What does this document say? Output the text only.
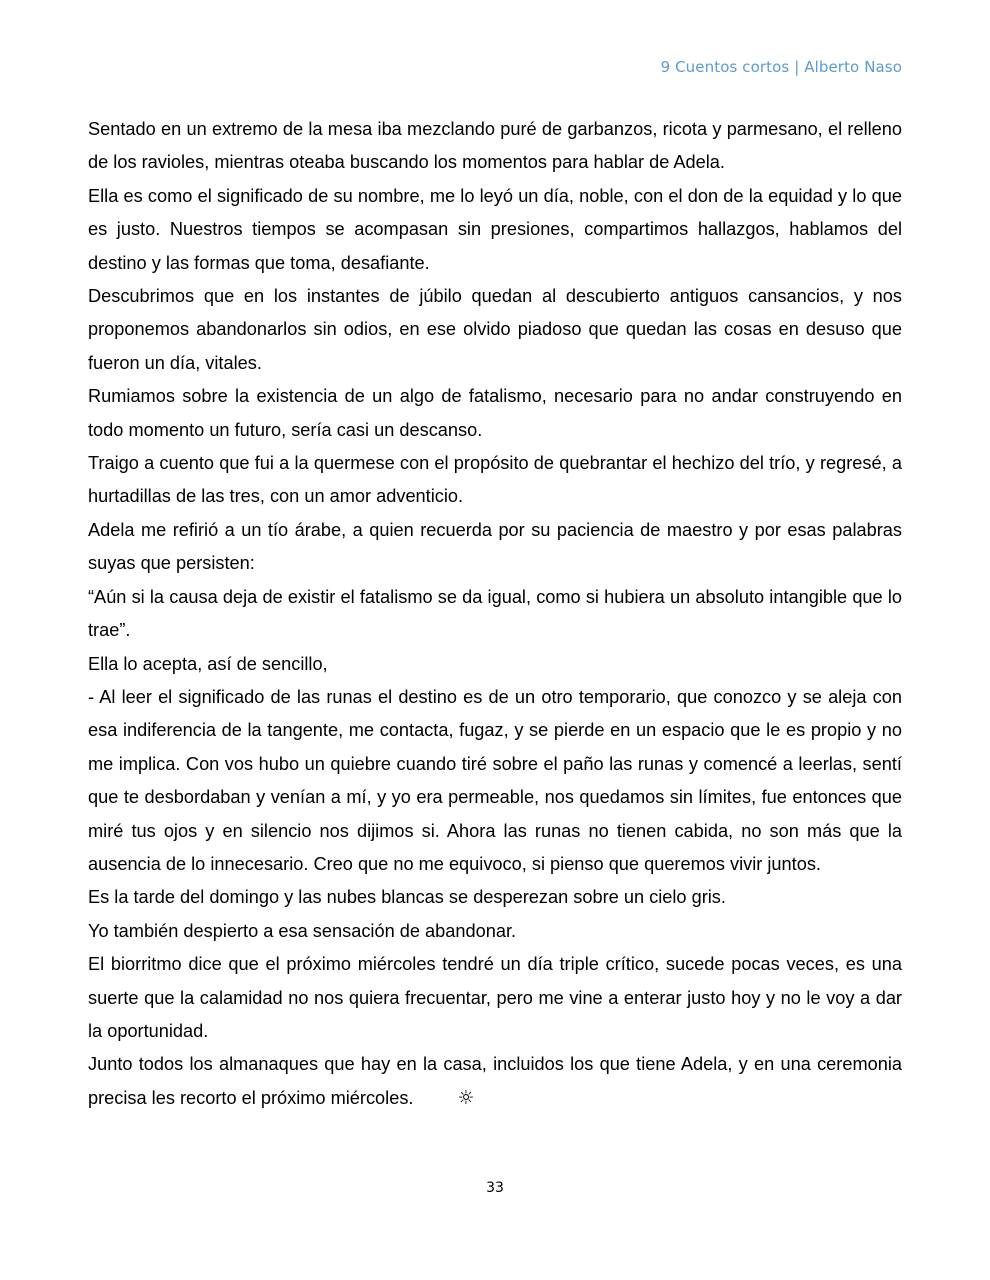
9 Cuentos cortos | Alberto Naso

Sentado en un extremo de la mesa iba mezclando puré de garbanzos, ricota y parmesano, el relleno de los ravioles, mientras oteaba buscando los momentos para hablar de Adela.

Ella es como el significado de su nombre, me lo leyó un día, noble, con el don de la equidad y lo que es justo. Nuestros tiempos se acompasan sin presiones, compartimos hallazgos, hablamos del destino y las formas que toma, desafiante.

Descubrimos que en los instantes de júbilo quedan al descubierto antiguos cansancios, y nos proponemos abandonarlos sin odios, en ese olvido piadoso que quedan las cosas en desuso que fueron un día, vitales.

Rumiamos sobre la existencia de un algo de fatalismo, necesario para no andar construyendo en todo momento un futuro, sería casi un descanso.

Traigo a cuento que fui a la quermese con el propósito de quebrantar el hechizo del trío, y regresé, a hurtadillas de las tres, con un amor adventicio.

Adela me refirió a un tío árabe, a quien recuerda por su paciencia de maestro y por esas palabras suyas que persisten:

“Aún si la causa deja de existir el fatalismo se da igual, como si hubiera un absoluto intangible que lo trae”.

Ella lo acepta, así de sencillo,

- Al leer el significado de las runas el destino es de un otro temporario, que conozco y se aleja con esa indiferencia de la tangente, me contacta, fugaz, y se pierde en un espacio que le es propio y no me implica. Con vos hubo un quiebre cuando tiré sobre el paño las runas y comencé a leerlas, sentí que te desbordaban y venían a mí, y yo era permeable, nos quedamos sin límites, fue entonces que miré tus ojos y en silencio nos dijimos si. Ahora las runas no tienen cabida, no son más que la ausencia de lo innecesario. Creo que no me equivoco, si pienso que queremos vivir juntos.

Es la tarde del domingo y las nubes blancas se desperezan sobre un cielo gris.

Yo también despierto a esa sensación de abandonar.

El biorritmo dice que el próximo miércoles tendré un día triple crítico, sucede pocas veces, es una suerte que la calamidad no nos quiera frecuentar, pero me vine a enterar justo hoy y no le voy a dar la oportunidad.

Junto todos los almanaques que hay en la casa, incluidos los que tiene Adela, y en una ceremonia precisa les recorto el próximo miércoles. ☼

33
